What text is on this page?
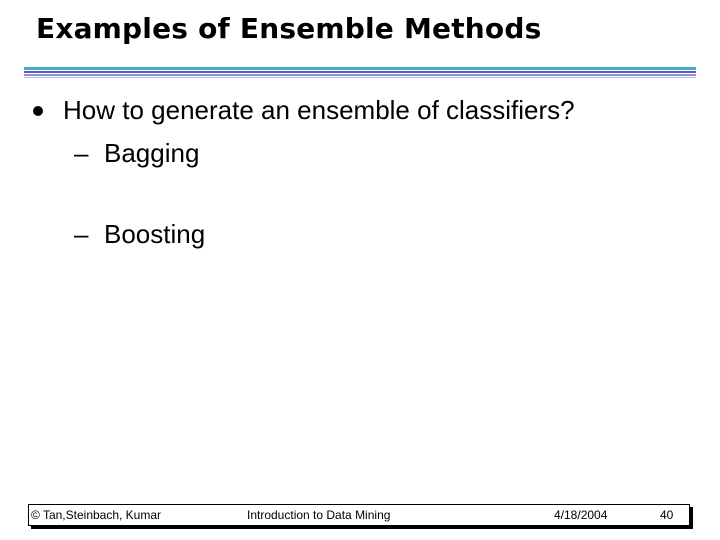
Examples of Ensemble Methods
How to generate an ensemble of classifiers?
– Bagging
– Boosting
© Tan,Steinbach, Kumar	Introduction to Data Mining	4/18/2004	40
